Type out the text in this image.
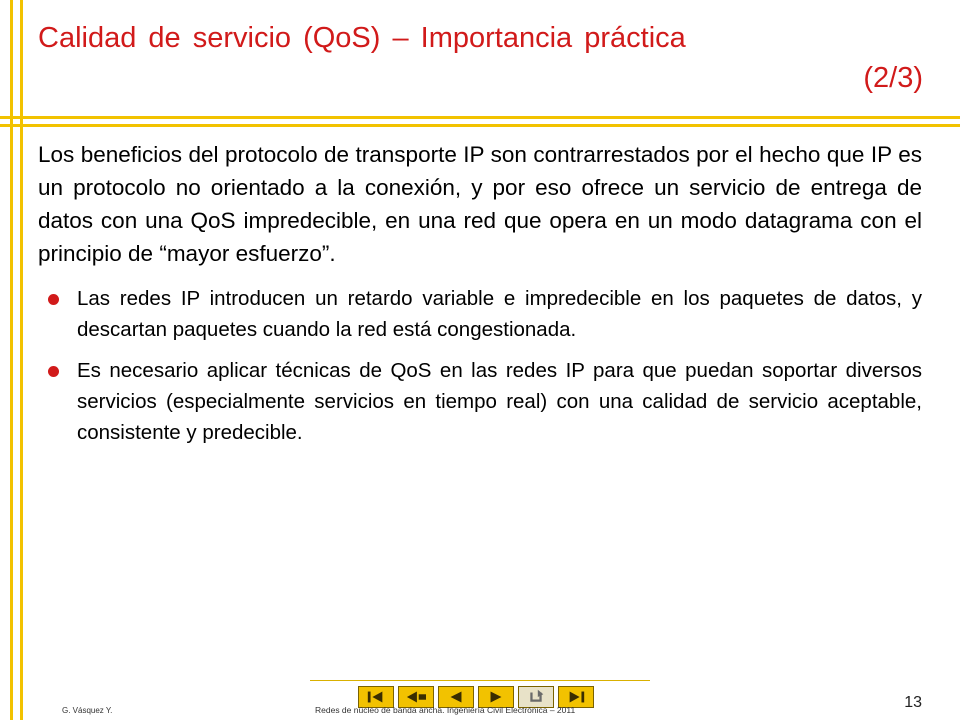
Calidad de servicio (QoS) – Importancia práctica
(2/3)

Los beneficios del protocolo de transporte IP son contrarrestados por el hecho que IP es un protocolo no orientado a la conexión, y por eso ofrece un servicio de entrega de datos con una QoS impredecible, en una red que opera en un modo datagrama con el principio de “mayor esfuerzo”.

Las redes IP introducen un retardo variable e impredecible en los paquetes de datos, y descartan paquetes cuando la red está congestionada.
Es necesario aplicar técnicas de QoS en las redes IP para que puedan soportar diversos servicios (especialmente servicios en tiempo real) con una calidad de servicio aceptable, consistente y predecible.
G. Vásquez Y.	Redes de núcleo de banda ancha. Ingeniería Civil Electrónica – 2011	13
